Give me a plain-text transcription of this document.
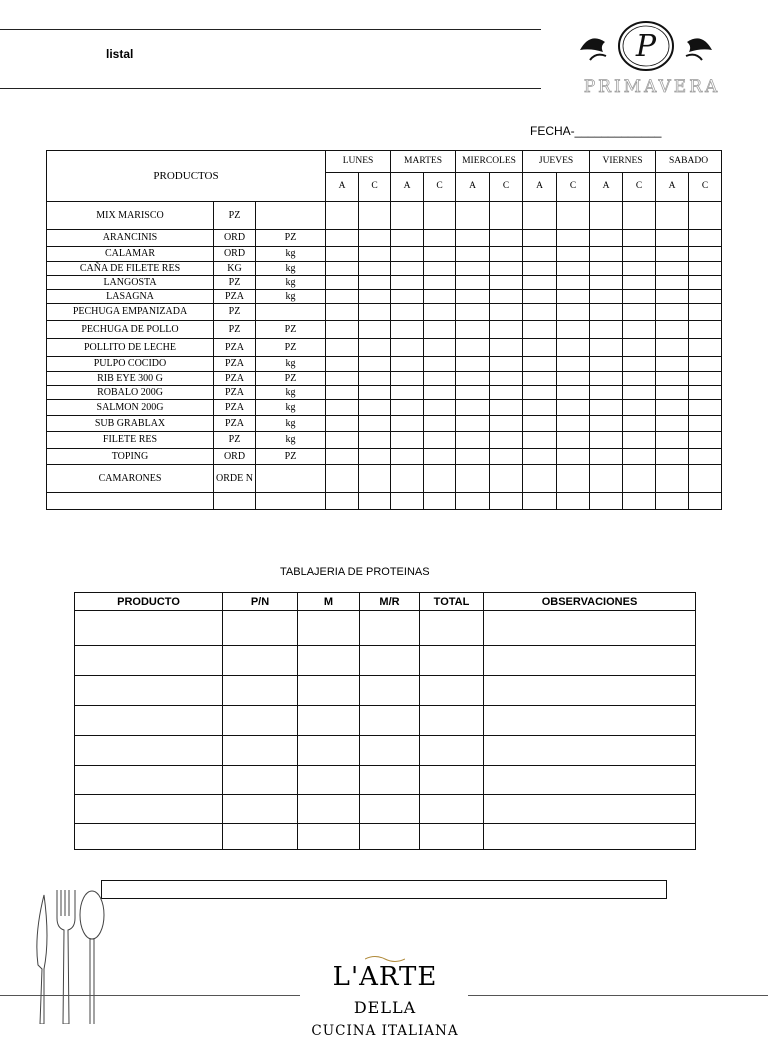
listal	P
PRIMAVERA
FECHA-_____________
PRODUCTOS			LUNES		MARTES		MIERCOLES		JUEVES		VIERNES		SABADO	
			A	C	A	C	A	C	A	C	A	C	A	C
MIX MARISCO	PZ													
ARANCINIS	ORD	PZ												
CALAMAR	ORD	kg												
CAÑA DE FILETE RES	KG	kg												
LANGOSTA	PZ	kg												
LASAGNA	PZA	kg												
PECHUGA EMPANIZADA	PZ													
PECHUGA DE POLLO	PZ	PZ												
POLLITO DE LECHE	PZA	PZ												
PULPO COCIDO	PZA	kg												
RIB EYE 300 G	PZA	PZ												
ROBALO 200G	PZA	kg												
SALMON 200G	PZA	kg												
SUB GRABLAX	PZA	kg												
FILETE RES	PZ	kg												
TOPING	ORD	PZ												
CAMARONES	ORDE N													

TABLAJERIA DE PROTEINAS
PRODUCTO	P/N	M	M/R	TOTAL	OBSERVACIONES

L'ARTE DELLA
CUCINA ITALIANA
